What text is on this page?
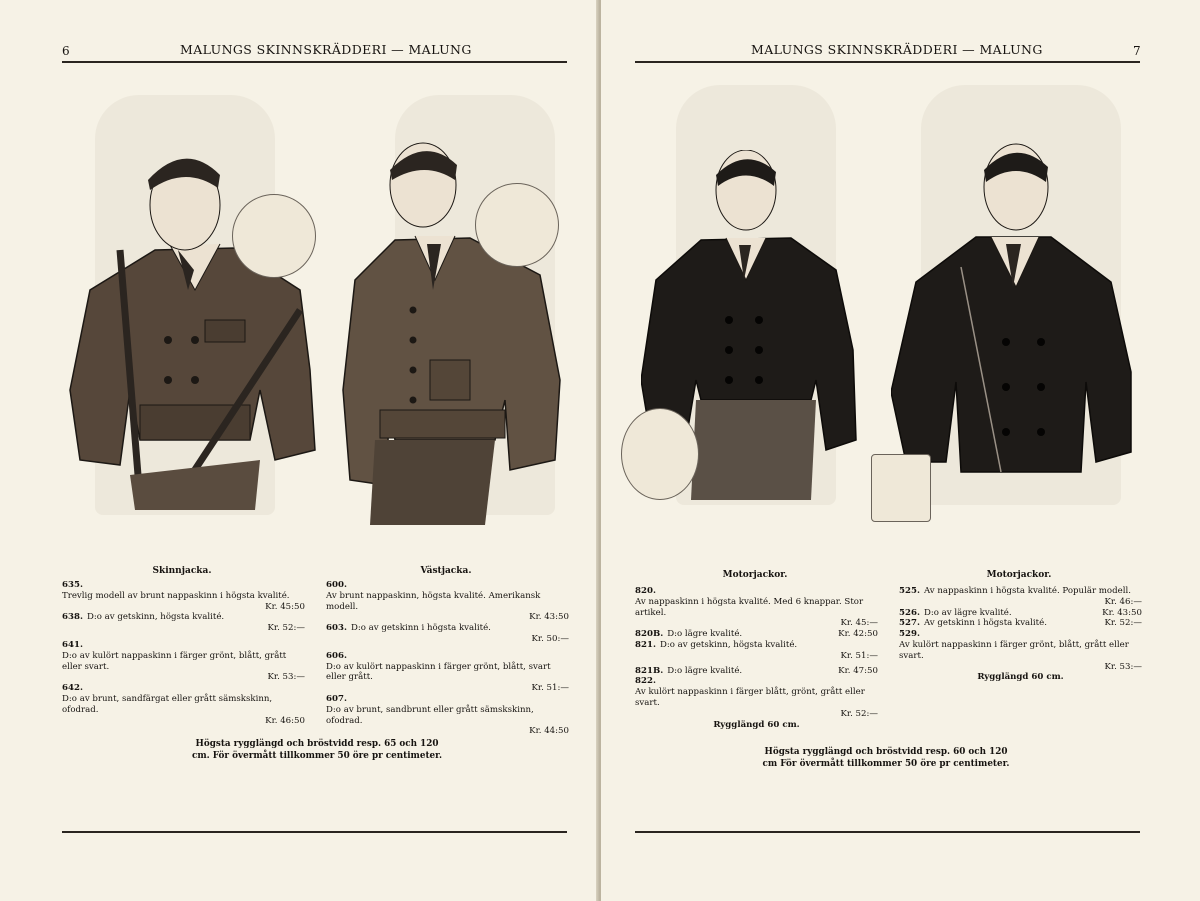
6	MALUNGS SKINNSKRÄDDERI — MALUNG
Skinnjacka.
635.
Trevlig modell av brunt nappaskinn i högsta kvalité.
Kr. 45:50
638. D:o av getskinn, högsta kvalité.
Kr. 52:—
641.
D:o av kulört nappaskinn i färger grönt, blått, grått eller svart.
Kr. 53:—
642.
D:o av brunt, sandfärgat eller grått sämskskinn, ofodrad.
Kr. 46:50
Västjacka.
600.
Av brunt nappaskinn, högsta kvalité. Amerikansk modell.
Kr. 43:50
603. D:o av getskinn i högsta kvalité.
Kr. 50:—
606.
D:o av kulört nappaskinn i färger grönt, blått, svart eller grått.
Kr. 51:—
607.
D:o av brunt, sandbrunt eller grått sämskskinn, ofodrad.
Kr. 44:50
Högsta rygglängd och bröstvidd resp. 65 och 120 cm. För övermått tillkommer 50 öre pr centimeter.
MALUNGS SKINNSKRÄDDERI — MALUNG	7
Motorjackor.
820.
Av nappaskinn i högsta kvalité. Med 6 knappar. Stor artikel.
Kr. 45:—
820B. D:o lägre kvalité.	Kr. 42:50
821. D:o av getskinn, högsta kvalité.
Kr. 51:—
821B. D:o lägre kvalité.	Kr. 47:50
822.
Av kulört nappaskinn i färger blått, grönt, grått eller svart.
Kr. 52:—
Rygglängd 60 cm.
Motorjackor.
525. Av nappaskinn i högsta kvalité. Populär modell.
Kr. 46:—
526. D:o av lägre kvalité.	Kr. 43:50
527. Av getskinn i högsta kvalité.	Kr. 52:—
529.
Av kulört nappaskinn i färger grönt, blått, grått eller svart.
Kr. 53:—
Rygglängd 60 cm.
Högsta rygglängd och bröstvidd resp. 60 och 120 cm För övermått tillkommer 50 öre pr centimeter.
